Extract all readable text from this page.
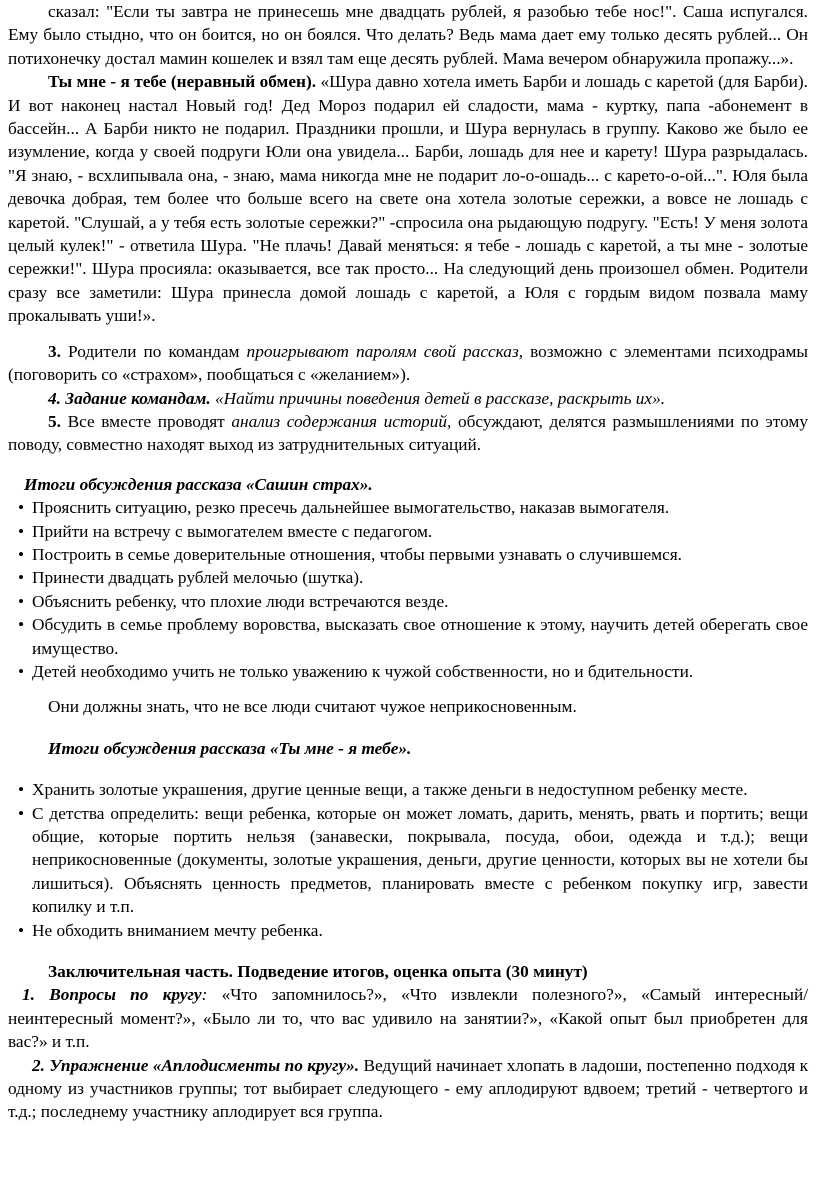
сказал: "Если ты завтра не принесешь мне двадцать рублей, я разобью тебе нос!". Саша испугался. Ему было стыдно, что он боится, но он боялся. Что делать? Ведь мама дает ему только десять рублей... Он потихонечку достал мамин кошелек и взял там еще десять рублей. Мама вечером обнаружила пропажу...».

Ты мне - я тебе (неравный обмен). «Шура давно хотела иметь Барби и лошадь с каретой (для Барби). И вот наконец настал Новый год! Дед Мороз подарил ей сладости, мама - куртку, папа -абонемент в бассейн... А Барби никто не подарил. Праздники прошли, и Шура вернулась в группу. Каково же было ее изумление, когда у своей подруги Юли она увидела... Барби, лошадь для нее и карету! Шура разрыдалась. "Я знаю, - всхлипывала она, - знаю, мама никогда мне не подарит ло-о-ошадь... с карето-о-ой...". Юля была девочка добрая, тем более что больше всего на свете она хотела золотые сережки, а вовсе не лошадь с каретой. "Слушай, а у тебя есть золотые сережки?" -спросила она рыдающую подругу. "Есть! У меня золота целый кулек!" - ответила Шура. "Не плачь! Давай меняться: я тебе - лошадь с каретой, а ты мне - золотые сережки!". Шура просияла: оказывается, все так просто... На следующий день произошел обмен. Родители сразу все заметили: Шура принесла домой лошадь с каретой, а Юля с гордым видом позвала маму прокалывать уши!».

3. Родители по командам проигрывают паролям свой рассказ, возможно с элементами психодрамы (поговорить со «страхом», пообщаться с «желанием»).

4. Задание командам. «Найти причины поведения детей в рассказе, раскрыть их».

5. Все вместе проводят анализ содержания историй, обсуждают, делятся размышлениями по этому поводу, совместно находят выход из затруднительных ситуаций.

Итоги обсуждения рассказа «Сашин страх».

• Прояснить ситуацию, резко пресечь дальнейшее вымогательство, наказав вымогателя.
• Прийти на встречу с вымогателем вместе с педагогом.
• Построить в семье доверительные отношения, чтобы первыми узнавать о случившемся.
• Принести двадцать рублей мелочью (шутка).
• Объяснить ребенку, что плохие люди встречаются везде.
• Обсудить в семье проблему воровства, высказать свое отношение к этому, научить детей оберегать свое имущество.
• Детей необходимо учить не только уважению к чужой собственности, но и бдительности.

Они должны знать, что не все люди считают чужое неприкосновенным.

Итоги обсуждения рассказа «Ты мне - я тебе».

• Хранить золотые украшения, другие ценные вещи, а также деньги в недоступном ребенку месте.
• С детства определить: вещи ребенка, которые он может ломать, дарить, менять, рвать и портить; вещи общие, которые портить нельзя (занавески, покрывала, посуда, обои, одежда и т.д.); вещи неприкосновенные (документы, золотые украшения, деньги, другие ценности, которых вы не хотели бы лишиться). Объяснять ценность предметов, планировать вместе с ребенком покупку игр, завести копилку и т.п.
• Не обходить вниманием мечту ребенка.

Заключительная часть. Подведение итогов, оценка опыта (30 минут)

1. Вопросы по кругу: «Что запомнилось?», «Что извлекли полезного?», «Самый интересный/неинтересный момент?», «Было ли то, что вас удивило на занятии?», «Какой опыт был приобретен для вас?» и т.п.

2. Упражнение «Аплодисменты по кругу». Ведущий начинает хлопать в ладоши, постепенно подходя к одному из участников группы; тот выбирает следующего - ему аплодируют вдвоем; третий - четвертого и т.д.; последнему участнику аплодирует вся группа.
